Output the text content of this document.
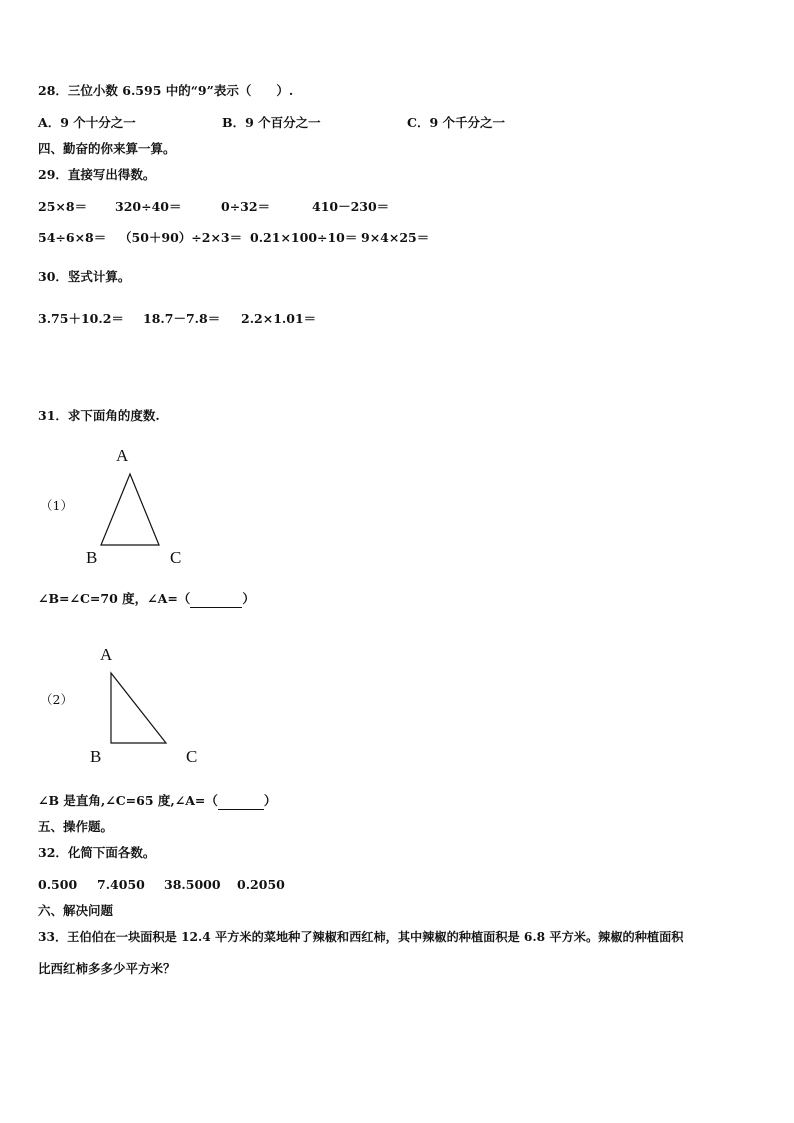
28．三位小数 6.595 中的“9”表示（　　）.
A．9 个十分之一	B．9 个百分之一	C．9 个千分之一
四、勤奋的你来算一算。
29．直接写出得数。
25×8＝ 320÷40＝	0÷32＝	410－230＝
54÷6×8＝ （50＋90）÷2×3＝ 0.21×100÷10＝ 9×4×25＝
30．竖式计算。
3.75＋10.2＝ 18.7－7.8＝ 2.2×1.01＝
31．求下面角的度数.
（1）
A
B	C
∠B=∠C=70 度，∠A=（	）
（2）
A
B	C
∠B 是直角,∠C=65 度,∠A=（	）
五、操作题。
32．化简下面各数。
0.500 7.4050 38.5000 0.2050
六、解决问题
33．王伯伯在一块面积是 12.4 平方米的菜地种了辣椒和西红柿，其中辣椒的种植面积是 6.8 平方米。辣椒的种植面积
比西红柿多多少平方米？
